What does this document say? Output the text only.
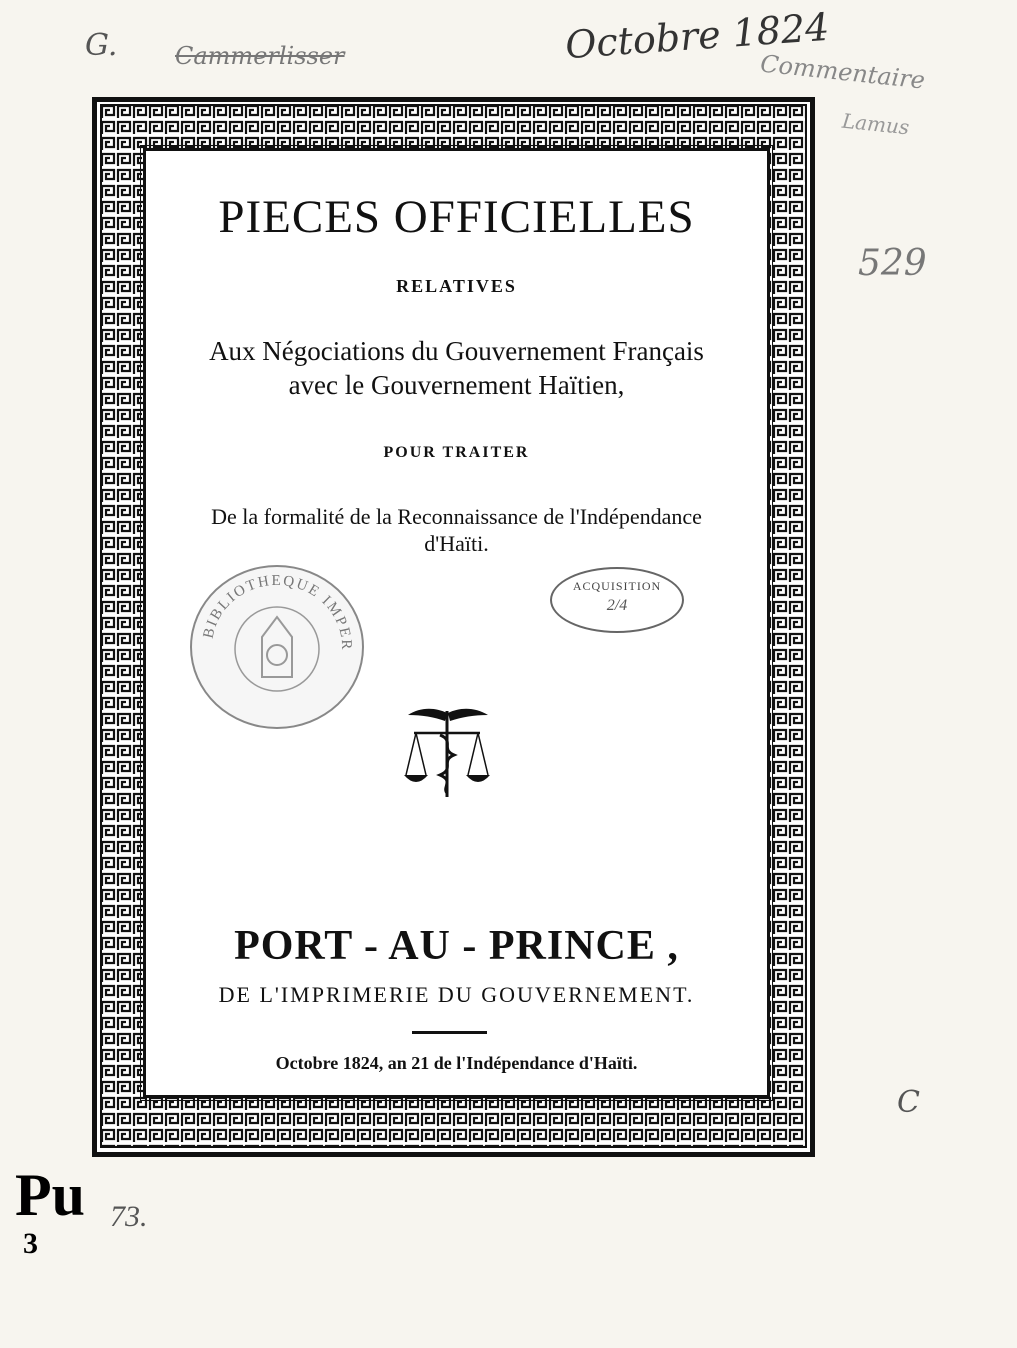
Octobre 1824
G. Cammerlisser	Commentaire
Lamus
529
C
PIECES OFFICIELLES
RELATIVES
Aux Négociations du Gouvernement Français
avec le Gouvernement Haïtien,
POUR TRAITER
De la formalité de la Reconnaissance de l'Indépendance
d'Haïti.
BIBLIOTHEQUE IMPER
ACQUISITION
2/4
PORT - AU - PRINCE ,
DE L'IMPRIMERIE DU GOUVERNEMENT.
Octobre 1824, an 21 de l'Indépendance d'Haïti.
Pu
3
73.
